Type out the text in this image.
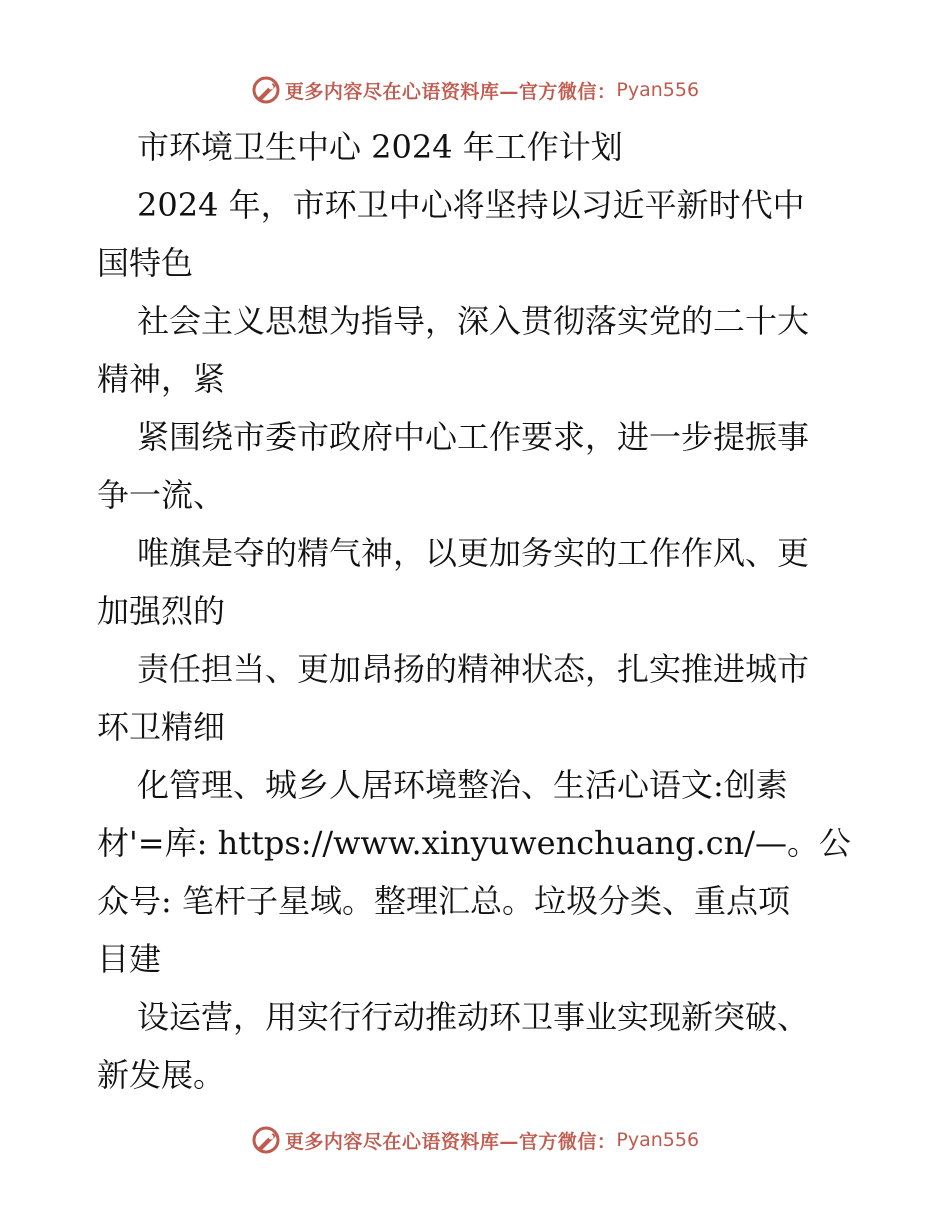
更多内容尽在心语资料库—官方微信： Pyan556
市环境卫生中心 2024 年工作计划
2024 年，市环卫中心将坚持以习近平新时代中
国特色
社会主义思想为指导，深入贯彻落实党的二十大
精神，紧
紧围绕市委市政府中心工作要求，进一步提振事
争一流、
唯旗是夺的精气神，以更加务实的工作作风、更
加强烈的
责任担当、更加昂扬的精神状态，扎实推进城市
环卫精细
化管理、城乡人居环境整治、生活心语文:创素
材'=库: https://www.xinyuwenchuang.cn/—。公
众号: 笔杆子星域。整理汇总。垃圾分类、重点项
目建
设运营，用实行行动推动环卫事业实现新突破、
新发展。
更多内容尽在心语资料库—官方微信： Pyan556
